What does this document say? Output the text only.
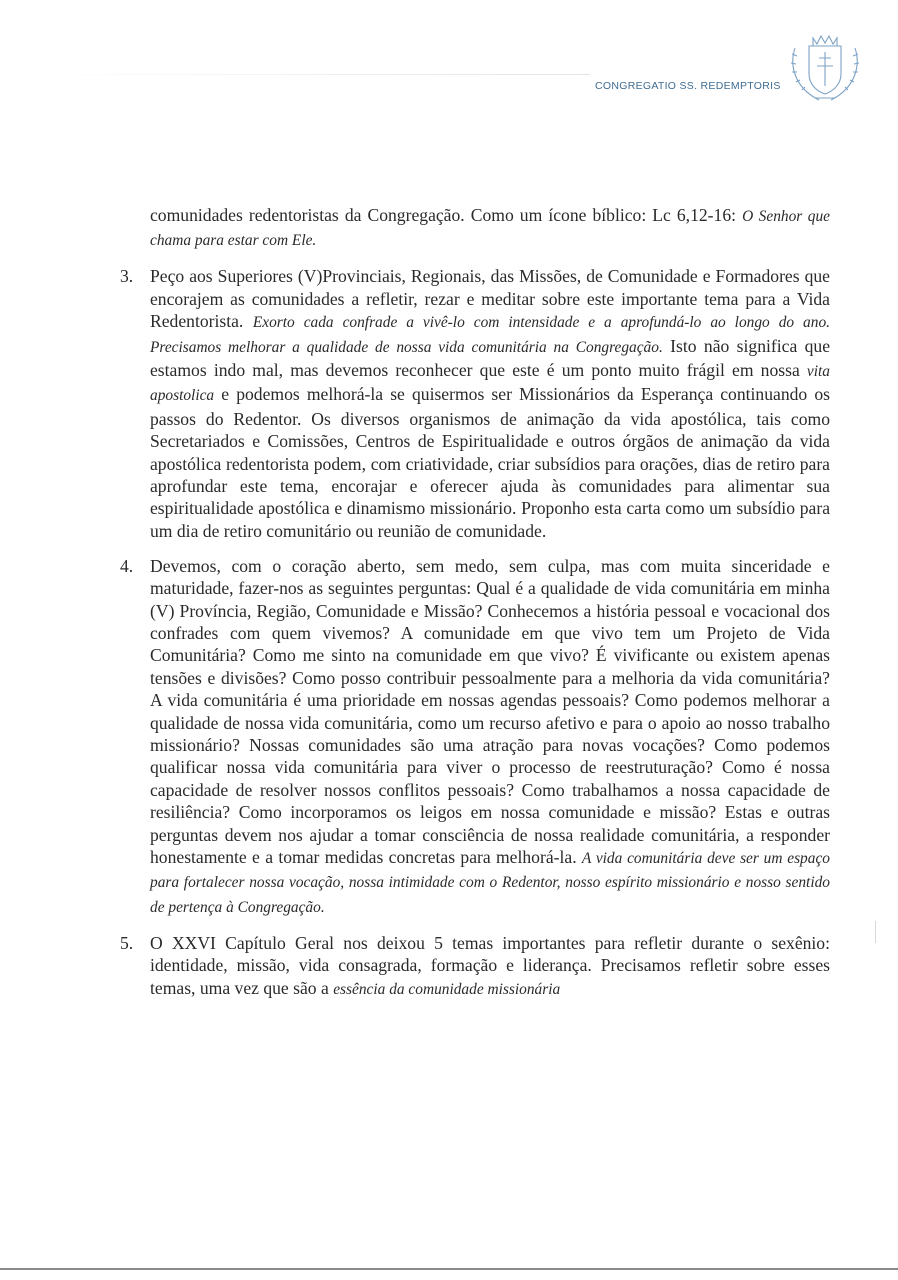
CONGREGATIO SS. REDEMPTORIS

comunidades redentoristas da Congregação. Como um ícone bíblico: Lc 6,12-16: O Senhor que chama para estar com Ele.

3. Peço aos Superiores (V)Provinciais, Regionais, das Missões, de Comunidade e Formadores que encorajem as comunidades a refletir, rezar e meditar sobre este importante tema para a Vida Redentorista. Exorto cada confrade a vivê-lo com intensidade e a aprofundá-lo ao longo do ano. Precisamos melhorar a qualidade de nossa vida comunitária na Congregação. Isto não significa que estamos indo mal, mas devemos reconhecer que este é um ponto muito frágil em nossa vita apostolica e podemos melhorá-la se quisermos ser Missionários da Esperança continuando os passos do Redentor. Os diversos organismos de animação da vida apostólica, tais como Secretariados e Comissões, Centros de Espiritualidade e outros órgãos de animação da vida apostólica redentorista podem, com criatividade, criar subsídios para orações, dias de retiro para aprofundar este tema, encorajar e oferecer ajuda às comunidades para alimentar sua espiritualidade apostólica e dinamismo missionário. Proponho esta carta como um subsídio para um dia de retiro comunitário ou reunião de comunidade.

4. Devemos, com o coração aberto, sem medo, sem culpa, mas com muita sinceridade e maturidade, fazer-nos as seguintes perguntas: Qual é a qualidade de vida comunitária em minha (V) Província, Região, Comunidade e Missão? Conhecemos a história pessoal e vocacional dos confrades com quem vivemos? A comunidade em que vivo tem um Projeto de Vida Comunitária? Como me sinto na comunidade em que vivo? É vivificante ou existem apenas tensões e divisões? Como posso contribuir pessoalmente para a melhoria da vida comunitária? A vida comunitária é uma prioridade em nossas agendas pessoais? Como podemos melhorar a qualidade de nossa vida comunitária, como um recurso afetivo e para o apoio ao nosso trabalho missionário? Nossas comunidades são uma atração para novas vocações? Como podemos qualificar nossa vida comunitária para viver o processo de reestruturação? Como é nossa capacidade de resolver nossos conflitos pessoais? Como trabalhamos a nossa capacidade de resiliência? Como incorporamos os leigos em nossa comunidade e missão? Estas e outras perguntas devem nos ajudar a tomar consciência de nossa realidade comunitária, a responder honestamente e a tomar medidas concretas para melhorá-la. A vida comunitária deve ser um espaço para fortalecer nossa vocação, nossa intimidade com o Redentor, nosso espírito missionário e nosso sentido de pertença à Congregação.

5. O XXVI Capítulo Geral nos deixou 5 temas importantes para refletir durante o sexênio: identidade, missão, vida consagrada, formação e liderança. Precisamos refletir sobre esses temas, uma vez que são a essência da comunidade missionária
